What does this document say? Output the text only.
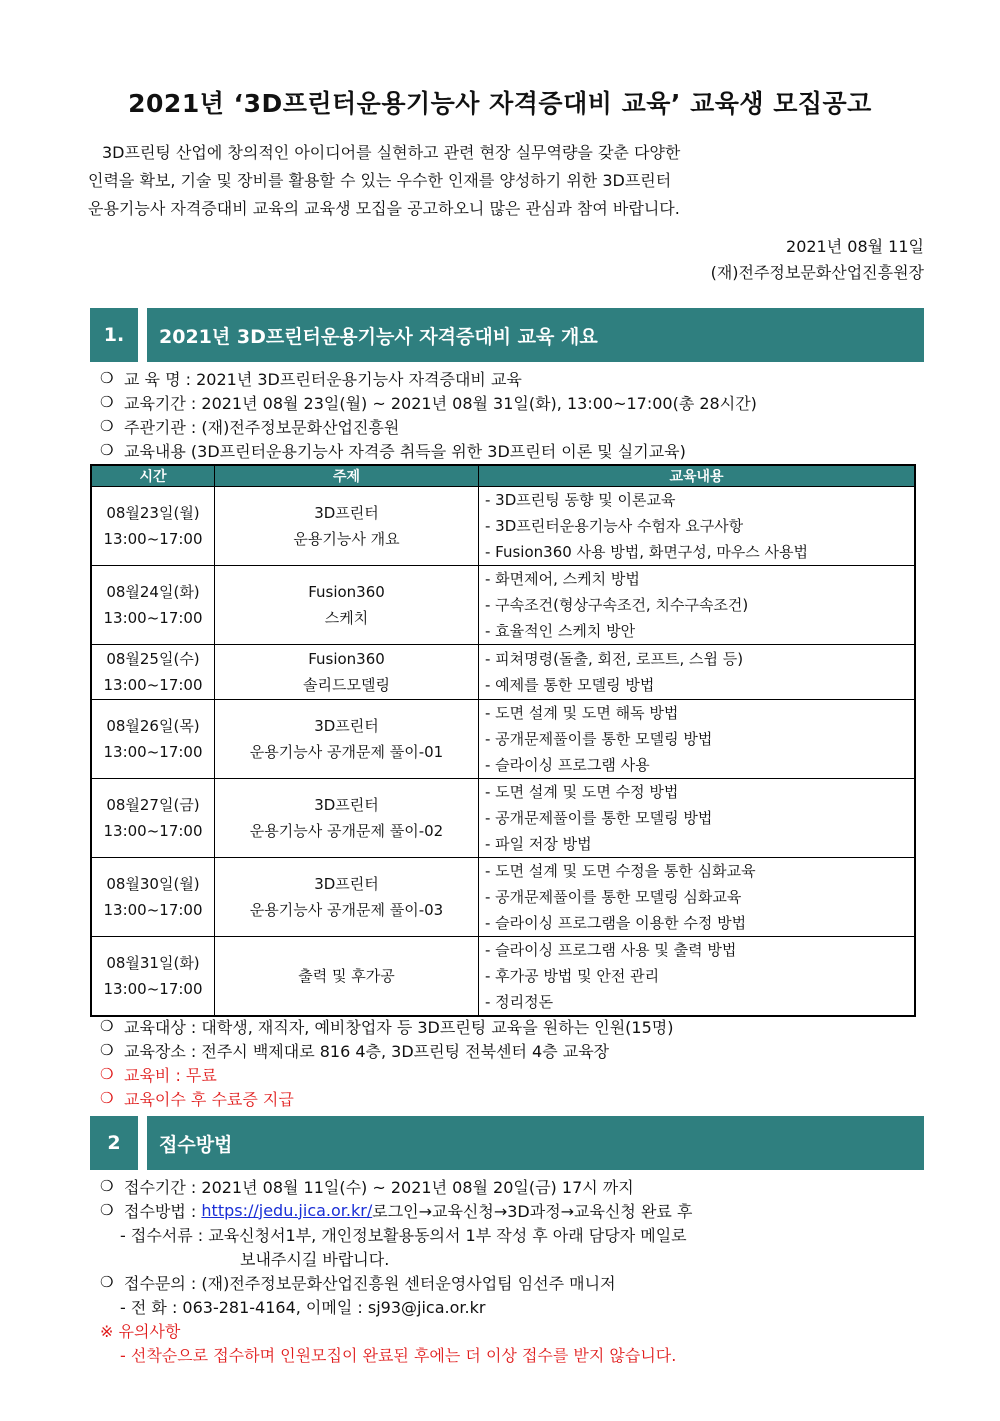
2021년 ‘3D프린터운용기능사 자격증대비 교육’ 교육생 모집공고
3D프린팅 산업에 창의적인 아이디어를 실현하고 관련 현장 실무역량을 갖춘 다양한
인력을 확보, 기술 및 장비를 활용할 수 있는 우수한 인재를 양성하기 위한 3D프린터
운용기능사 자격증대비 교육의 교육생 모집을 공고하오니 많은 관심과 참여 바랍니다.
2021년 08월 11일
(재)전주정보문화산업진흥원장
1.	2021년 3D프린터운용기능사 자격증대비 교육 개요
❍ 교 육 명 : 2021년 3D프린터운용기능사 자격증대비 교육
❍ 교육기간 : 2021년 08월 23일(월) ~ 2021년 08월 31일(화), 13:00~17:00(총 28시간)
❍ 주관기관 : (재)전주정보문화산업진흥원
❍ 교육내용 (3D프린터운용기능사 자격증 취득을 위한 3D프린터 이론 및 실기교육)
시간	주제	교육내용

08월23일(월)
13:00~17:00	3D프린터
운용기능사 개요	- 3D프린팅 동향 및 이론교육
- 3D프린터운용기능사 수험자 요구사항
- Fusion360 사용 방법, 화면구성, 마우스 사용법

08월24일(화)
13:00~17:00	Fusion360
스케치	- 화면제어, 스케치 방법
- 구속조건(형상구속조건, 치수구속조건)
- 효율적인 스케치 방안

08월25일(수)
13:00~17:00	Fusion360
솔리드모델링	- 피쳐명령(돌출, 회전, 로프트, 스윕 등)
- 예제를 통한 모델링 방법

08월26일(목)
13:00~17:00	3D프린터
운용기능사 공개문제 풀이-01	- 도면 설계 및 도면 해독 방법
- 공개문제풀이를 통한 모델링 방법
- 슬라이싱 프로그램 사용

08월27일(금)
13:00~17:00	3D프린터
운용기능사 공개문제 풀이-02	- 도면 설계 및 도면 수정 방법
- 공개문제풀이를 통한 모델링 방법
- 파일 저장 방법

08월30일(월)
13:00~17:00	3D프린터
운용기능사 공개문제 풀이-03	- 도면 설계 및 도면 수정을 통한 심화교육
- 공개문제풀이를 통한 모델링 심화교육
- 슬라이싱 프로그램을 이용한 수정 방법

08월31일(화)
13:00~17:00	출력 및 후가공	- 슬라이싱 프로그램 사용 및 출력 방법
- 후가공 방법 및 안전 관리
- 정리정돈
❍ 교육대상 : 대학생, 재직자, 예비창업자 등 3D프린팅 교육을 원하는 인원(15명)
❍ 교육장소 : 전주시 백제대로 816 4층, 3D프린팅 전북센터 4층 교육장
❍ 교육비 : 무료
❍ 교육이수 후 수료증 지급
2	접수방법
❍ 접수기간 : 2021년 08월 11일(수) ~ 2021년 08월 20일(금) 17시 까지
❍ 접수방법 :
https://jedu.jica.or.kr/ 로그인→교육신청→3D과정→교육신청 완료 후
- 접수서류 : 교육신청서1부, 개인정보활용동의서 1부 작성 후 아래 담당자 메일로
보내주시길 바랍니다.
❍ 접수문의 : (재)전주정보문화산업진흥원 센터운영사업팀 임선주 매니저
- 전 화 : 063-281-4164, 이메일 : sj93@jica.or.kr
※ 유의사항
- 선착순으로 접수하며 인원모집이 완료된 후에는 더 이상 접수를 받지 않습니다.
